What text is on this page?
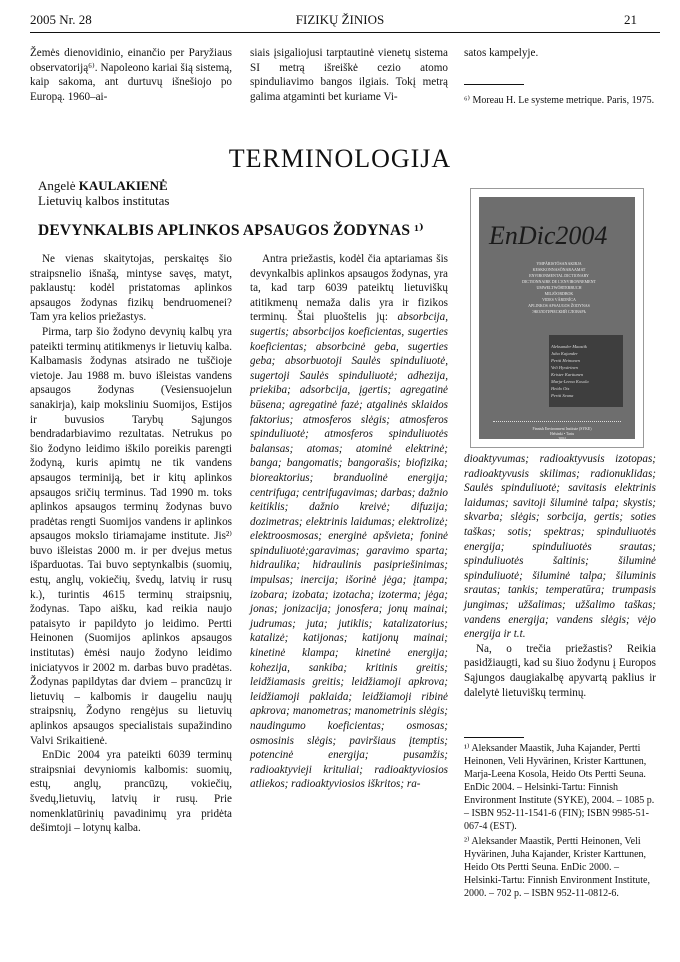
2005 Nr. 28	FIZIKŲ ŽINIOS	21

Žemės dienovidinio, einančio per Paryžiaus observatoriją⁶⁾. Napoleono kariai šią sistemą, kaip sakoma, ant durtuvų išnešiojo po Europą. 1960–ai-

siais įsigaliojusi tarptautinė vienetų sistema SI metrą išreiškė cezio atomo spinduliavimo bangos ilgiais. Tokį metrą galima atgaminti bet kuriame Vi-

satos kampelyje.

⁶⁾ Moreau H. Le systeme metrique. Paris, 1975.

TERMINOLOGIJA
Angelė KAULAKIENĖ
Lietuvių kalbos institutas
DEVYNKALBIS APLINKOS APSAUGOS ŽODYNAS ¹⁾	EnDic2004
YMPÄRISTÖSANAKIRJA
KESKKONNASÕNARAAMAT
ENVIRONMENTAL DICTIONARY
DICTIONNAIRE DE L'ENVIRONNEMENT
UMWELTWÖRTERBUCH
MILJÖORDBOK
VIDES VĀRDNĪCA
APLINKOS APSAUGOS ŽODYNAS
ЭКОЛОГИЧЕСКИЙ СЛОВАРЬ
Aleksander Maastik
Juha Kajander
Pertti Heinonen
Veli Hyvärinen
Krister Karttunen
Marja-Leena Kosola
Heido Ots
Pertti Seuna
Finnish Environment Institute (SYKE)
Helsinki • Tartu
2004

Ne vienas skaitytojas, perskaitęs šio straipsnelio išnašą, mintyse savęs, matyt, paklaustų: kodėl pristatomas aplinkos apsaugos žodynas fizikų bendruomenei? Tam yra kelios priežastys.

Pirma, tarp šio žodyno devynių kalbų yra pateikti terminų atitikmenys ir lietuvių kalba. Kalbamasis žodynas atsirado ne tuščioje vietoje. Jau 1988 m. buvo išleistas vandens apsaugos žodynas (Vesiensuojelun sanakirja), kaip moksliniu Suomijos, Estijos ir buvusios Tarybų Sąjungos bendradarbiavimo rezultatas. Netrukus po šio žodyno leidimo iškilo poreikis parengti žodyną, kuris apimtų ne tik vandens apsaugos terminiją, bet ir kitų aplinkos apsaugos sričių terminus. Tad 1990 m. toks aplinkos apsaugos terminų žodynas buvo pradėtas rengti Suomijos vandens ir aplinkos apsaugos mokslo tiriamajame institute. Jis²⁾ buvo išleistas 2000 m. ir per dvejus metus išparduotas. Tai buvo septynkalbis (suomių, estų, anglų, vokiečių, švedų, latvių ir rusų k.), turintis 4615 terminų straipsnių, žodynas. Tapo aišku, kad reikia naujo pataisyto ir papildyto jo leidimo. Pertti Heinonen (Suomijos aplinkos apsaugos institutas) ėmėsi naujo žodyno leidimo iniciatyvos ir 2002 m. darbas buvo pradėtas. Žodynas papildytas dar dviem – prancūzų ir lietuvių – kalbomis ir daugeliu naujų straipsnių, Žodyno rengėjus su lietuvių aplinkos apsaugos specialistais supažindino Valvi Srikaitienė.

EnDic 2004 yra pateikti 6039 terminų straipsniai devyniomis kalbomis: suomių, estų, anglų, prancūzų, vokiečių, švedų,lietuvių, latvių ir rusų. Prie nomenklatūrinių pavadinimų yra pridėta dešimtoji – lotynų kalba.

Antra priežastis, kodėl čia aptariamas šis devynkalbis aplinkos apsaugos žodynas, yra ta, kad tarp 6039 pateiktų lietuviškų atitikmenų nemaža dalis yra ir fizikos terminų. Štai pluoštelis jų: absorbcija, sugertis; absorbcijos koeficientas, sugerties koeficientas; absorbcinė geba, sugerties geba; absorbuotoji Saulės spinduliuotė, sugertoji Saulės spinduliuotė; adhezija, priekiba; adsorbcija, įgertis; agregatinė būsena; agregatinė fazė; atgalinės sklaidos faktorius; atmosferos slėgis; atmosferos spinduliuotė; atmosferos spinduliuotės balansas; atomas; atominė elektrinė; banga; bangomatis; bangorašis; biofizika; bioreaktorius; branduolinė energija; centrifuga; centrifugavimas; darbas; dažnio keitiklis; dažnio kreivė; difuzija; dozimetras; elektrinis laidumas; elektrolizė; elektroosmosas; energinė apšvieta; foninė spinduliuotė;garavimas; garavimo sparta; hidraulika; hidraulinis pasipriešinimas; impulsas; inercija; išorinė jėga; įtampa; izobara; izobata; izotacha; izoterma; jėga; jonas; jonizacija; jonosfera; jonų mainai; judrumas; juta; jutiklis; katalizatorius; katalizė; katijonas; katijonų mainai; kinetinė klampa; kinetinė energija; kohezija, sankiba; kritinis greitis; leidžiamasis greitis; leidžiamoji apkrova; leidžiamoji paklaida; leidžiamoji ribinė apkrova; manometras; manometrinis slėgis; naudingumo koeficientas; osmosas; osmosinis slėgis; paviršiaus įtemptis; potencinė energija; pusamžis; radioaktyvieji krituliai; radioaktyviosios atliekos; radioaktyviosios iškritos; ra-

dioaktyvumas; radioaktyvusis izotopas; radioaktyvusis skilimas; radionuklidas; Saulės spinduliuotė; savitasis elektrinis laidumas; savitoji šiluminė talpa; skystis; skvarba; slėgis; sorbcija, gertis; soties taškas; sotis; spektras; spinduliuotės energija; spinduliuotės srautas; spinduliuotės šaltinis; šiluminė spinduliuotė; šiluminė talpa; šiluminis srautas; tankis; temperatūra; trumpasis jungimas; užšalimas; užšalimo taškas; vandens energija; vandens slėgis; vėjo energija ir t.t.

Na, o trečia priežastis? Reikia pasidžiaugti, kad su šiuo žodynu į Europos Sąjungos daugiakalbę apyvartą paklius ir dalelytė lietuviškų terminų.

¹⁾ Aleksander Maastik, Juha Kajander, Pertti Heinonen, Veli Hyvärinen, Krister Karttunen, Marja-Leena Kosola, Heido Ots Pertti Seuna. EnDic 2004. – Helsinki-Tartu: Finnish Environment Institute (SYKE), 2004. – 1085 p. – ISBN 952-11-1541-6 (FIN); ISBN 9985-51-067-4 (EST).

²⁾ Aleksander Maastik, Pertti Heinonen, Veli Hyvärinen, Juha Kajander, Krister Karttunen, Heido Ots Pertti Seuna. EnDic 2000. – Helsinki-Tartu: Finnish Environment Institute, 2000. – 702 p. – ISBN 952-11-0812-6.
